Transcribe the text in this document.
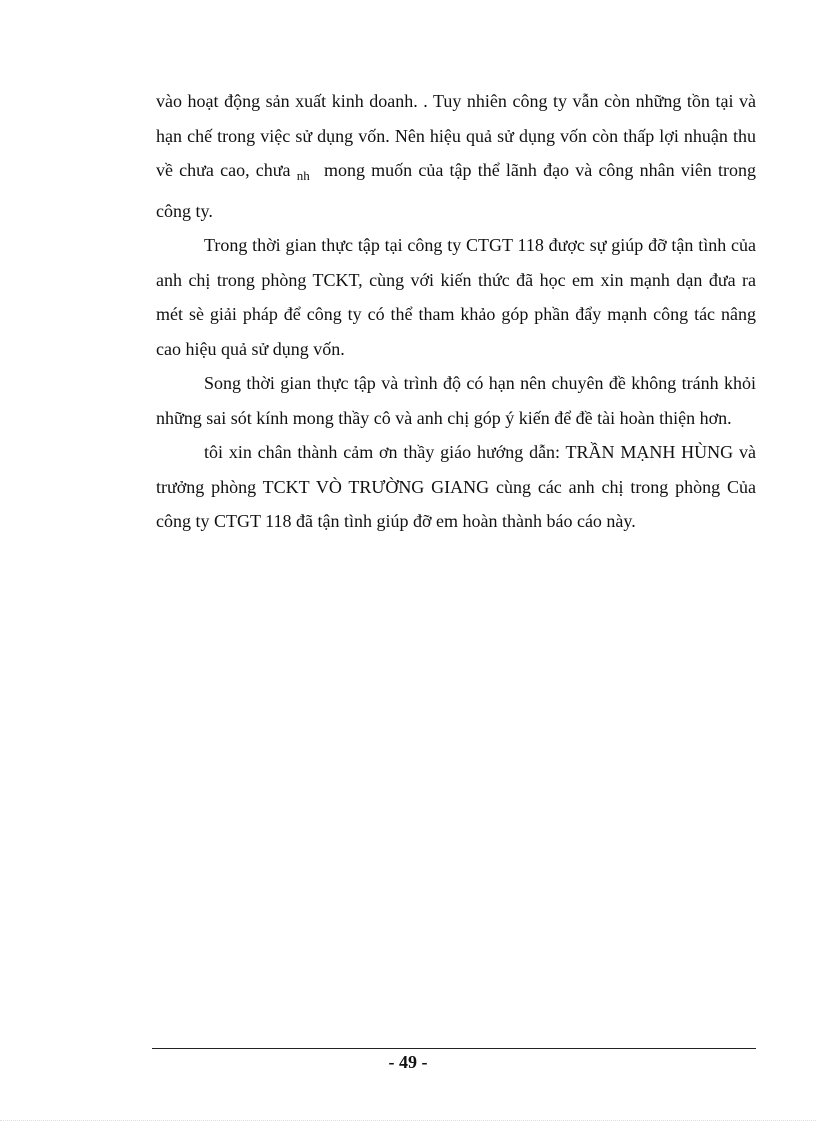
vào hoạt động sản xuất kinh doanh. . Tuy nhiên công ty vẫn còn những tồn tại và hạn chế trong việc sử dụng vốn. Nên hiệu quả sử dụng vốn còn thấp lợi nhuận thu về chưa cao, chưa $_{nh}$ mong muốn của tập thể lãnh đạo và công nhân viên trong công ty.

Trong thời gian thực tập tại công ty CTGT 118 được sự giúp đỡ tận tình của anh chị trong phòng TCKT, cùng với kiến thức đã học em xin mạnh dạn đưa ra mét sè giải pháp để công ty có thể tham khảo góp phần đẩy mạnh công tác nâng cao hiệu quả sử dụng vốn.

Song thời gian thực tập và trình độ có hạn nên chuyên đề không tránh khỏi những sai sót kính mong thầy cô và anh chị góp ý kiến để đề tài hoàn thiện hơn.

tôi xin chân thành cảm ơn thầy giáo hướng dẫn: TRẦN MẠNH HÙNG và trưởng phòng TCKT VÒ TRƯỜNG GIANG cùng các anh chị trong phòng Của công ty CTGT 118 đã tận tình giúp đỡ em hoàn thành báo cáo này.

- 49 -
